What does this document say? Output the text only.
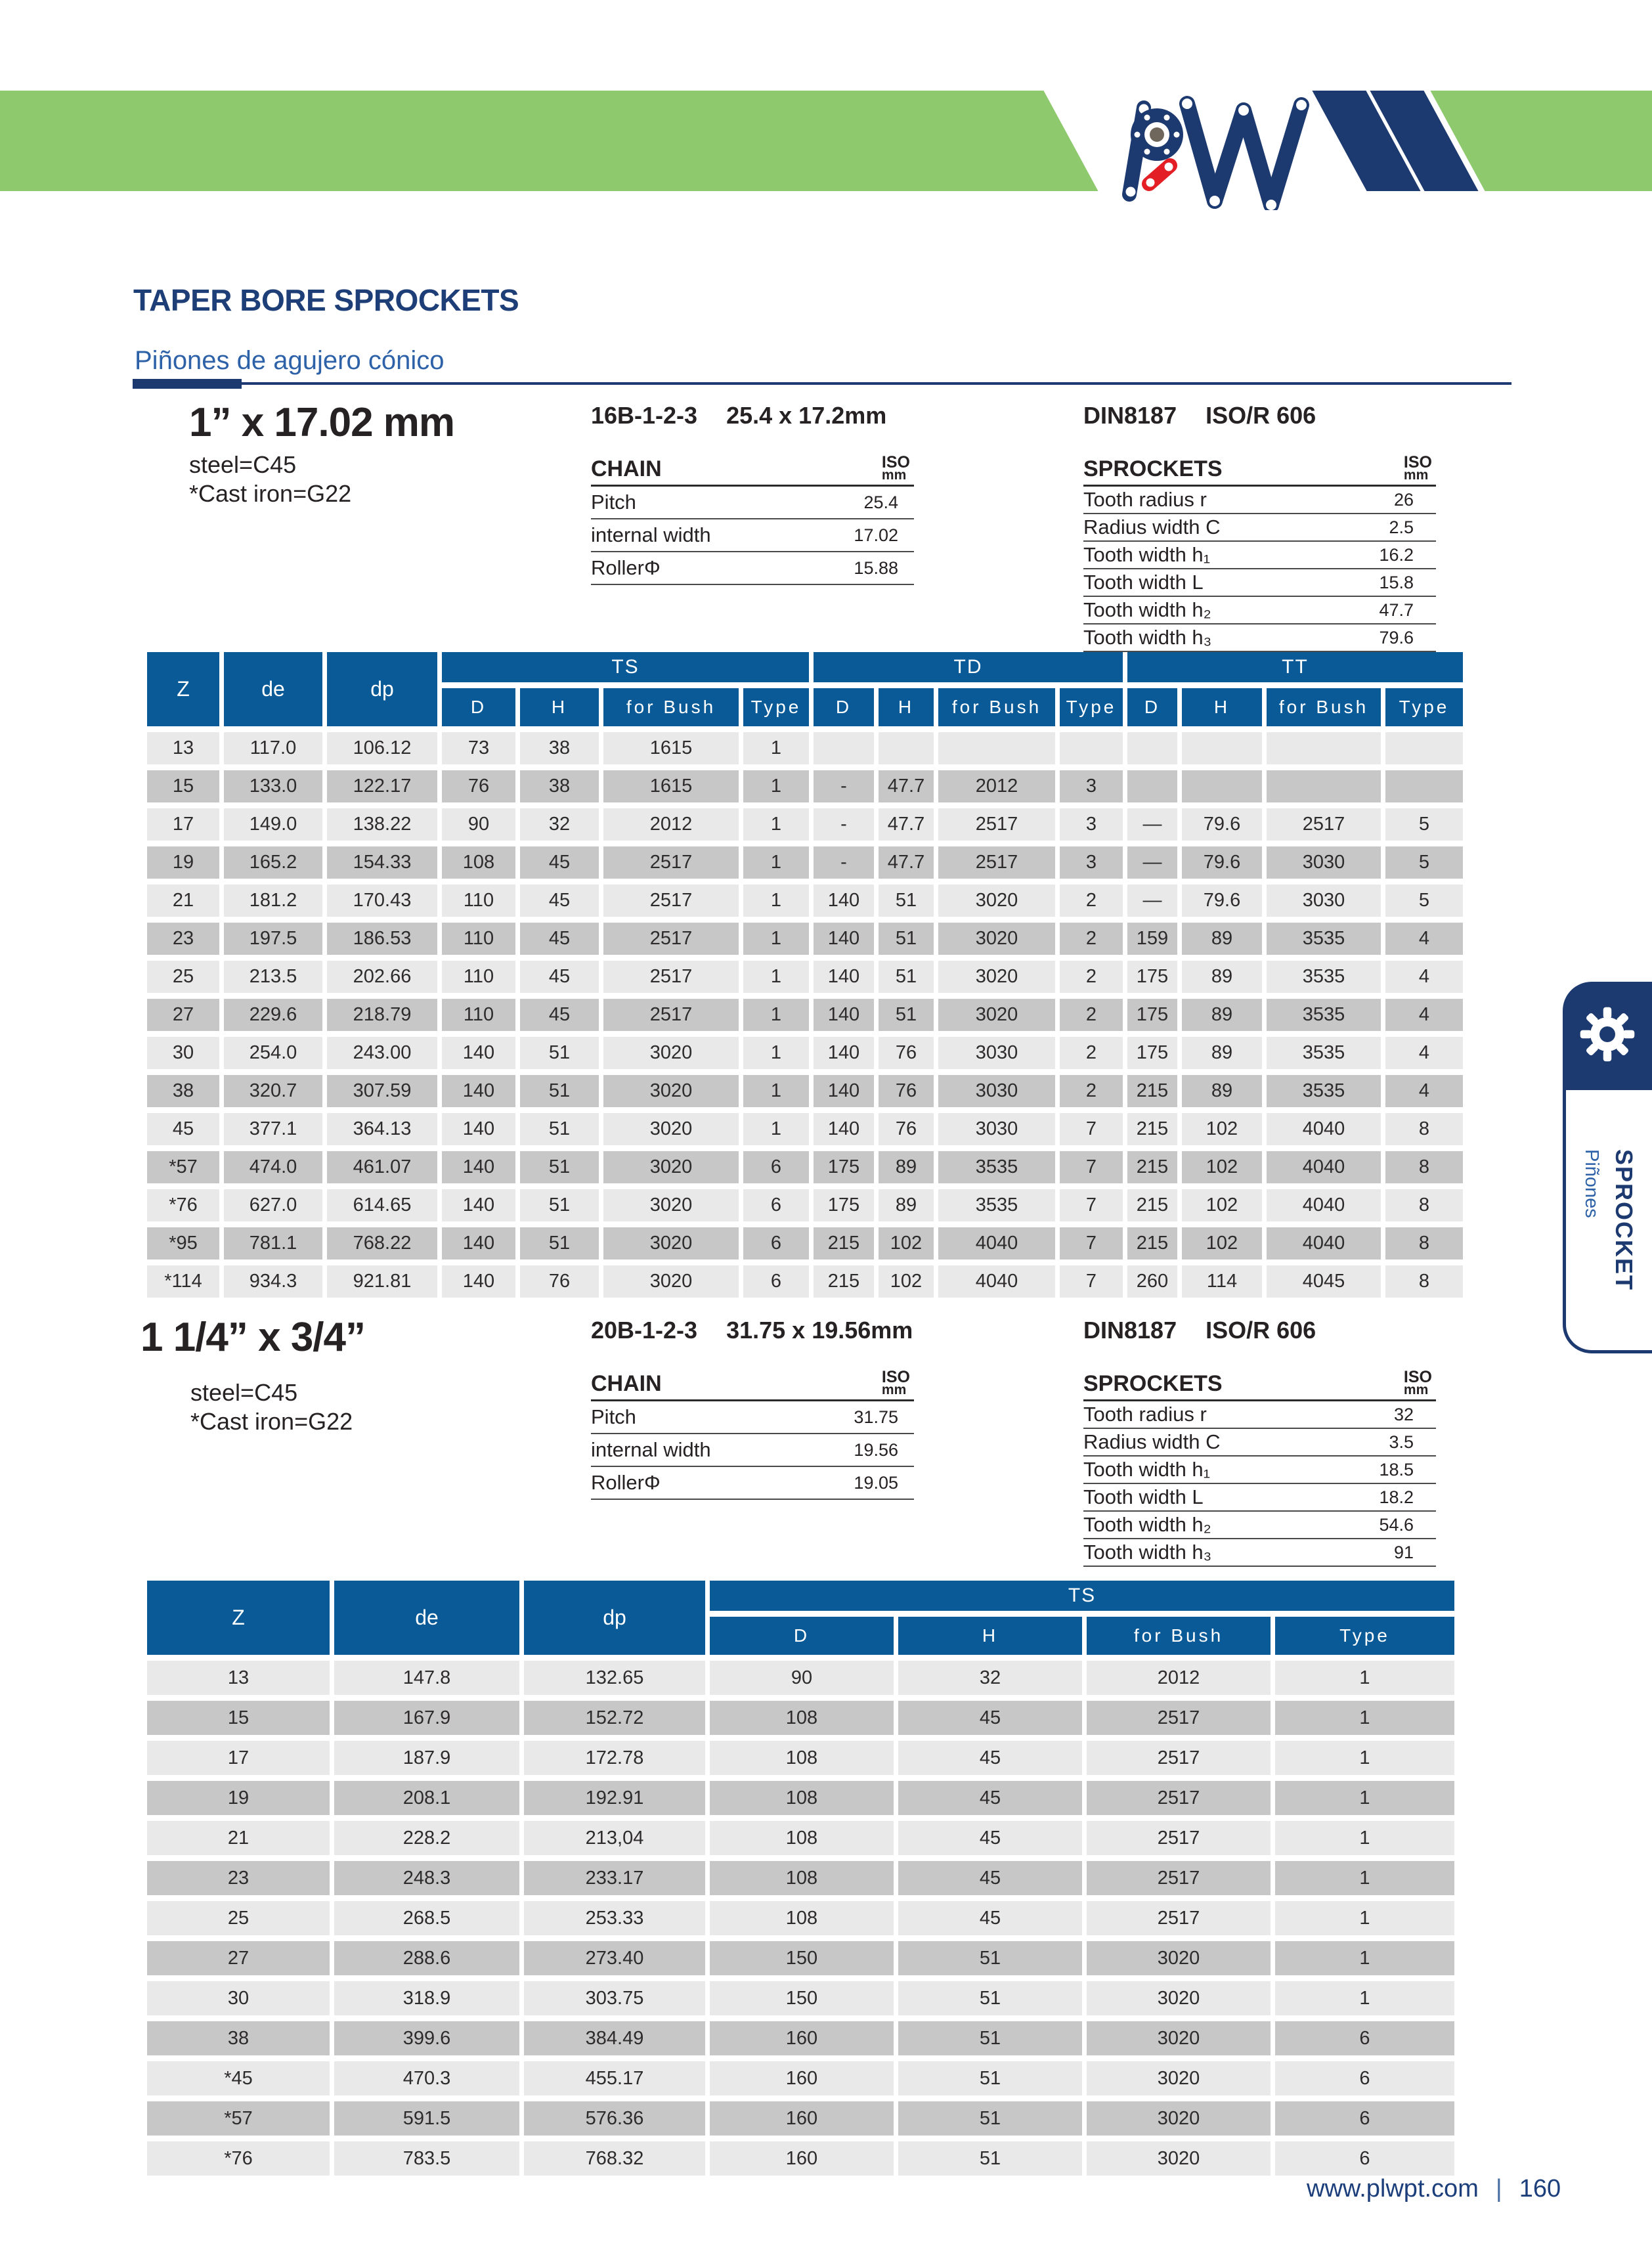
TAPER BORE SPROCKETS
Piñones de agujero cónico
1” x 17.02 mm
steel=C45
*Cast iron=G22
16B-1-2-3 25.4 x 17.2mm
CHAIN	ISO
mm
Pitch	25.4
internal width	17.02
RollerΦ	15.88
DIN8187 ISO/R 606
SPROCKETS	ISO
mm
Tooth radius r	26
Radius width C	2.5
Tooth width h₁	16.2
Tooth width L	15.8
Tooth width h₂	47.7
Tooth width h₃	79.6
Z	de	dp	TS				TD				TT			
			D	H	for Bush	Type	D	H	for Bush	Type	D	H	for Bush	Type
13	117.0	106.12	73	38	1615	1								
15	133.0	122.17	76	38	1615	1	-	47.7	2012	3				
17	149.0	138.22	90	32	2012	1	-	47.7	2517	3	—	79.6	2517	5
19	165.2	154.33	108	45	2517	1	-	47.7	2517	3	—	79.6	3030	5
21	181.2	170.43	110	45	2517	1	140	51	3020	2	—	79.6	3030	5
23	197.5	186.53	110	45	2517	1	140	51	3020	2	159	89	3535	4
25	213.5	202.66	110	45	2517	1	140	51	3020	2	175	89	3535	4
27	229.6	218.79	110	45	2517	1	140	51	3020	2	175	89	3535	4
30	254.0	243.00	140	51	3020	1	140	76	3030	2	175	89	3535	4
38	320.7	307.59	140	51	3020	1	140	76	3030	2	215	89	3535	4
45	377.1	364.13	140	51	3020	1	140	76	3030	7	215	102	4040	8
*57	474.0	461.07	140	51	3020	6	175	89	3535	7	215	102	4040	8
*76	627.0	614.65	140	51	3020	6	175	89	3535	7	215	102	4040	8
*95	781.1	768.22	140	51	3020	6	215	102	4040	7	215	102	4040	8
*114	934.3	921.81	140	76	3020	6	215	102	4040	7	260	114	4045	8
1 1/4” x 3/4”
steel=C45
*Cast iron=G22
20B-1-2-3 31.75 x 19.56mm
CHAIN	ISO
mm
Pitch	31.75
internal width	19.56
RollerΦ	19.05
DIN8187 ISO/R 606
SPROCKETS	ISO
mm
Tooth radius r	32
Radius width C	3.5
Tooth width h₁	18.5
Tooth width L	18.2
Tooth width h₂	54.6
Tooth width h₃	91
Z	de	dp	TS			
			D	H	for Bush	Type
13	147.8	132.65	90	32	2012	1
15	167.9	152.72	108	45	2517	1
17	187.9	172.78	108	45	2517	1
19	208.1	192.91	108	45	2517	1
21	228.2	213,04	108	45	2517	1
23	248.3	233.17	108	45	2517	1
25	268.5	253.33	108	45	2517	1
27	288.6	273.40	150	51	3020	1
30	318.9	303.75	150	51	3020	1
38	399.6	384.49	160	51	3020	6
*45	470.3	455.17	160	51	3020	6
*57	591.5	576.36	160	51	3020	6
*76	783.5	768.32	160	51	3020	6
SPROCKET
Piñones
www.plwpt.com | 160
